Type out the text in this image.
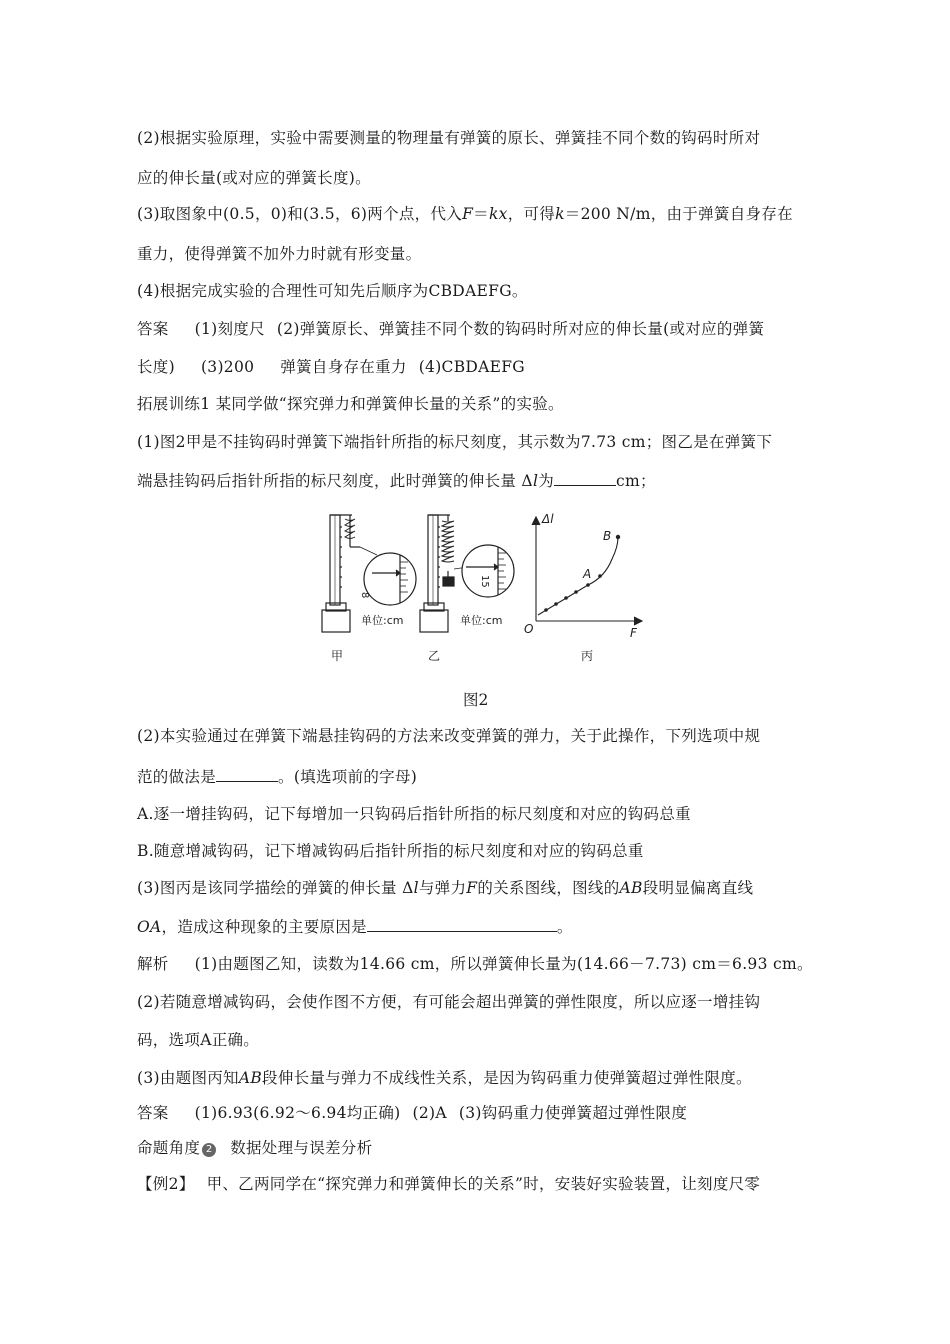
(2)根据实验原理，实验中需要测量的物理量有弹簧的原长、弹簧挂不同个数的钩码时所对
应的伸长量(或对应的弹簧长度)。
(3)取图象中(0.5，0)和(3.5，6)两个点，代入F＝kx，可得k＝200 N/m，由于弹簧自身存在
重力，使得弹簧不加外力时就有形变量。
(4)根据完成实验的合理性可知先后顺序为CBDAEFG。
答案 (1)刻度尺 (2)弹簧原长、弹簧挂不同个数的钩码时所对应的伸长量(或对应的弹簧
长度) (3)200 弹簧自身存在重力 (4)CBDAEFG
拓展训练1 某同学做“探究弹力和弹簧伸长量的关系”的实验。
(1)图2甲是不挂钩码时弹簧下端指针所指的标尺刻度，其示数为7.73 cm；图乙是在弹簧下
端悬挂钩码后指针所指的标尺刻度，此时弹簧的伸长量 Δl为	cm；
8
15
单位:cm	单位:cm
甲	乙	丙
Δl
F
O
A
B
图2
(2)本实验通过在弹簧下端悬挂钩码的方法来改变弹簧的弹力，关于此操作，下列选项中规
范的做法是	。(填选项前的字母)
A.逐一增挂钩码，记下每增加一只钩码后指针所指的标尺刻度和对应的钩码总重
B.随意增减钩码，记下增减钩码后指针所指的标尺刻度和对应的钩码总重
(3)图丙是该同学描绘的弹簧的伸长量 Δl与弹力F的关系图线，图线的AB段明显偏离直线
OA，造成这种现象的主要原因是	。
解析 (1)由题图乙知，读数为14.66 cm，所以弹簧伸长量为(14.66－7.73) cm＝6.93 cm。
(2)若随意增减钩码，会使作图不方便，有可能会超出弹簧的弹性限度，所以应逐一增挂钩
码，选项A正确。
(3)由题图丙知AB段伸长量与弹力不成线性关系，是因为钩码重力使弹簧超过弹性限度。
答案 (1)6.93(6.92～6.94均正确) (2)A (3)钩码重力使弹簧超过弹性限度
命题角度 2 数据处理与误差分析
【例2】 甲、乙两同学在“探究弹力和弹簧伸长的关系”时，安装好实验装置，让刻度尺零
